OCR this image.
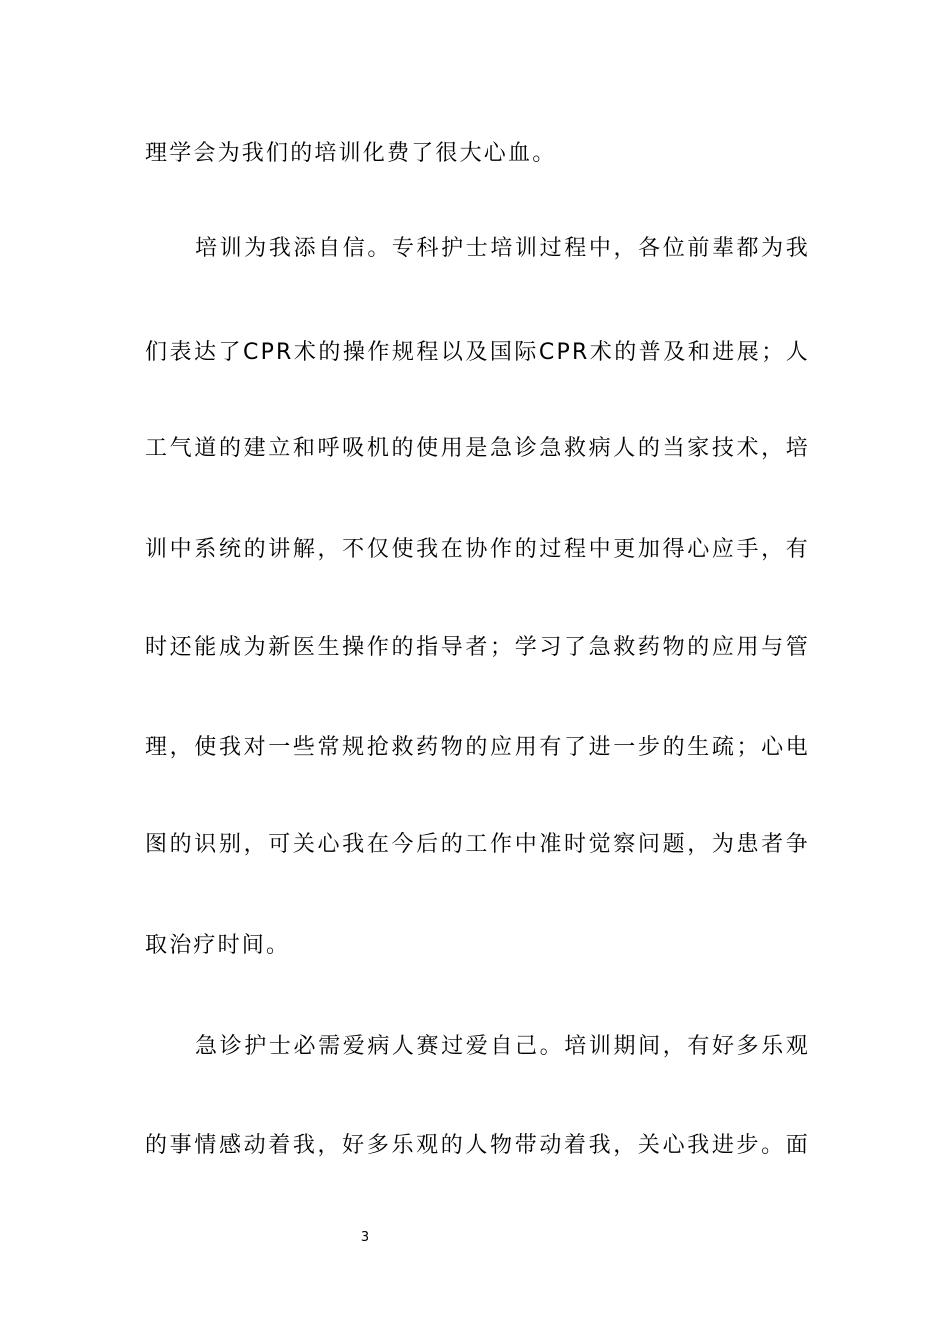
理学会为我们的培训化费了很大心血。
培训为我添自信。专科护士培训过程中，各位前辈都为我
们表达了CPR术的操作规程以及国际CPR术的普及和进展；人
工气道的建立和呼吸机的使用是急诊急救病人的当家技术，培
训中系统的讲解，不仅使我在协作的过程中更加得心应手，有
时还能成为新医生操作的指导者；学习了急救药物的应用与管
理，使我对一些常规抢救药物的应用有了进一步的生疏；心电
图的识别，可关心我在今后的工作中准时觉察问题，为患者争
取治疗时间。
急诊护士必需爱病人赛过爱自己。培训期间，有好多乐观
的事情感动着我，好多乐观的人物带动着我，关心我进步。面
3
